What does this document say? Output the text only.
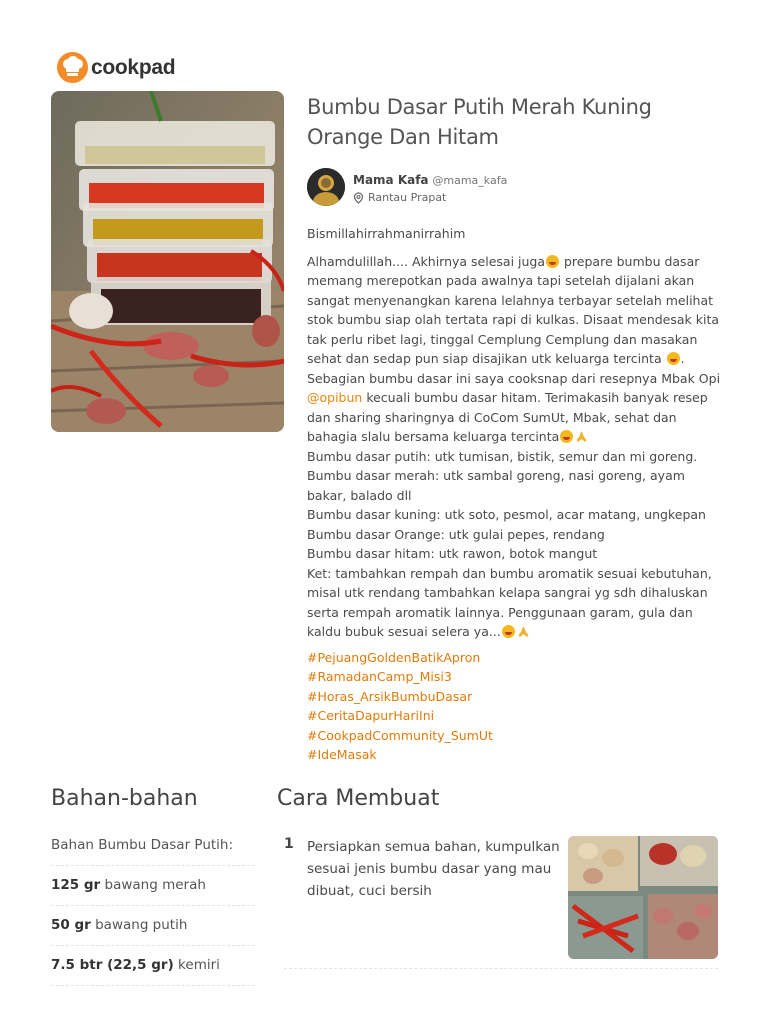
cookpad
Bumbu Dasar Putih Merah Kuning Orange Dan Hitam
Mama Kafa @mama_kafa
Rantau Prapat

Bismillahirrahmanirrahim

Alhamdulillah.... Akhirnya selesai juga prepare bumbu dasar memang merepotkan pada awalnya tapi setelah dijalani akan sangat menyenangkan karena lelahnya terbayar setelah melihat stok bumbu siap olah tertata rapi di kulkas. Disaat mendesak kita tak perlu ribet lagi, tinggal Cemplung Cemplung dan masakan sehat dan sedap pun siap disajikan utk keluarga tercinta . Sebagian bumbu dasar ini saya cooksnap dari resepnya Mbak Opi @opibun kecuali bumbu dasar hitam. Terimakasih banyak resep dan sharing sharingnya di CoCom SumUt, Mbak, sehat dan bahagia slalu bersama keluarga tercinta

Bumbu dasar putih: utk tumisan, bistik, semur dan mi goreng.

Bumbu dasar merah: utk sambal goreng, nasi goreng, ayam bakar, balado dll

Bumbu dasar kuning: utk soto, pesmol, acar matang, ungkepan

Bumbu dasar Orange: utk gulai pepes, rendang

Bumbu dasar hitam: utk rawon, botok mangut

Ket: tambahkan rempah dan bumbu aromatik sesuai kebutuhan, misal utk rendang tambahkan kelapa sangrai yg sdh dihaluskan serta rempah aromatik lainnya. Penggunaan garam, gula dan kaldu bubuk sesuai selera ya...

#PejuangGoldenBatikApron
#RamadanCamp_Misi3
#Horas_ArsikBumbuDasar
#CeritaDapurHariIni
#CookpadCommunity_SumUt
#IdeMasak
Bahan-bahan	Cara Membuat
Bahan Bumbu Dasar Putih:
125 gr bawang merah
50 gr bawang putih
7.5 btr (22,5 gr) kemiri
1 Persiapkan semua bahan, kumpulkan sesuai jenis bumbu dasar yang mau dibuat, cuci bersih
